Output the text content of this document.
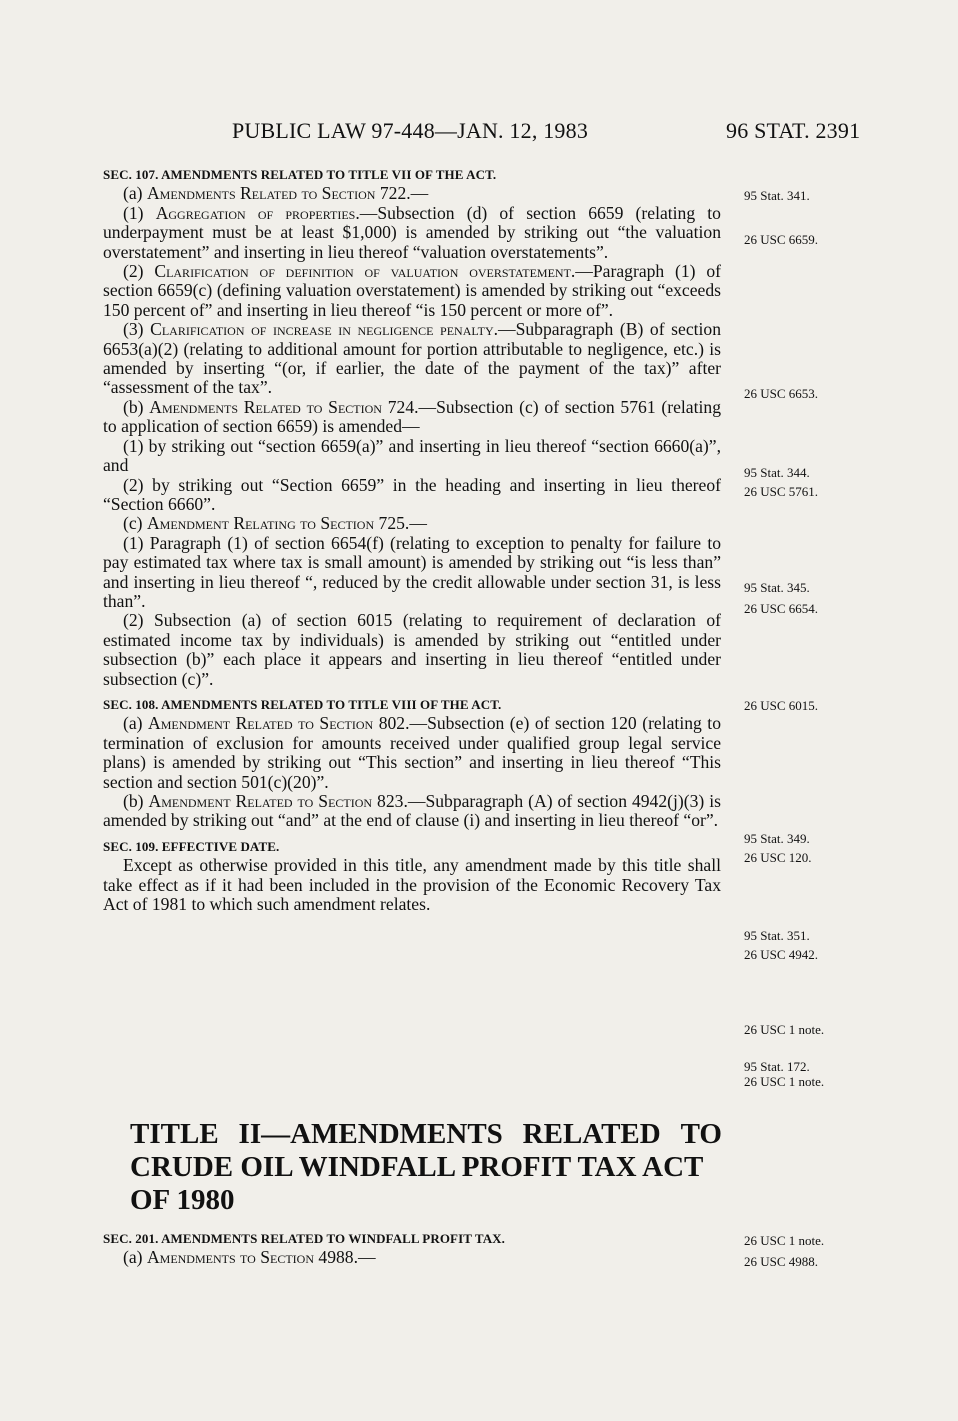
PUBLIC LAW 97-448—JAN. 12, 1983	96 STAT. 2391

SEC. 107. AMENDMENTS RELATED TO TITLE VII OF THE ACT.

(a) Amendments Related to Section 722.—

(1) Aggregation of properties.—Subsection (d) of section 6659 (relating to underpayment must be at least $1,000) is amended by striking out “the valuation overstatement” and inserting in lieu thereof “valuation overstatements”.

(2) Clarification of definition of valuation overstatement.—Paragraph (1) of section 6659(c) (defining valuation overstatement) is amended by striking out “exceeds 150 percent of” and inserting in lieu thereof “is 150 percent or more of”.

(3) Clarification of increase in negligence penalty.—Subparagraph (B) of section 6653(a)(2) (relating to additional amount for portion attributable to negligence, etc.) is amended by inserting “(or, if earlier, the date of the payment of the tax)” after “assessment of the tax”.

(b) Amendments Related to Section 724.—Subsection (c) of section 5761 (relating to application of section 6659) is amended—

(1) by striking out “section 6659(a)” and inserting in lieu thereof “section 6660(a)”, and

(2) by striking out “Section 6659” in the heading and inserting in lieu thereof “Section 6660”.

(c) Amendment Relating to Section 725.—

(1) Paragraph (1) of section 6654(f) (relating to exception to penalty for failure to pay estimated tax where tax is small amount) is amended by striking out “is less than” and inserting in lieu thereof “, reduced by the credit allowable under section 31, is less than”.

(2) Subsection (a) of section 6015 (relating to requirement of declaration of estimated income tax by individuals) is amended by striking out “entitled under subsection (b)” each place it appears and inserting in lieu thereof “entitled under subsection (c)”.

SEC. 108. AMENDMENTS RELATED TO TITLE VIII OF THE ACT.

(a) Amendment Related to Section 802.—Subsection (e) of section 120 (relating to termination of exclusion for amounts received under qualified group legal service plans) is amended by striking out “This section” and inserting in lieu thereof “This section and section 501(c)(20)”.

(b) Amendment Related to Section 823.—Subparagraph (A) of section 4942(j)(3) is amended by striking out “and” at the end of clause (i) and inserting in lieu thereof “or”.

SEC. 109. EFFECTIVE DATE.

Except as otherwise provided in this title, any amendment made by this title shall take effect as if it had been included in the provision of the Economic Recovery Tax Act of 1981 to which such amendment relates.

TITLE II—AMENDMENTS RELATED TO
CRUDE OIL WINDFALL PROFIT TAX ACT
OF 1980

SEC. 201. AMENDMENTS RELATED TO WINDFALL PROFIT TAX.

(a) Amendments to Section 4988.—

95 Stat. 341.
26 USC 6659.
26 USC 6653.
95 Stat. 344.
26 USC 5761.
95 Stat. 345.
26 USC 6654.
26 USC 6015.
95 Stat. 349.
26 USC 120.
95 Stat. 351.
26 USC 4942.
26 USC 1 note.
95 Stat. 172.
26 USC 1 note.
26 USC 1 note.
26 USC 4988.
